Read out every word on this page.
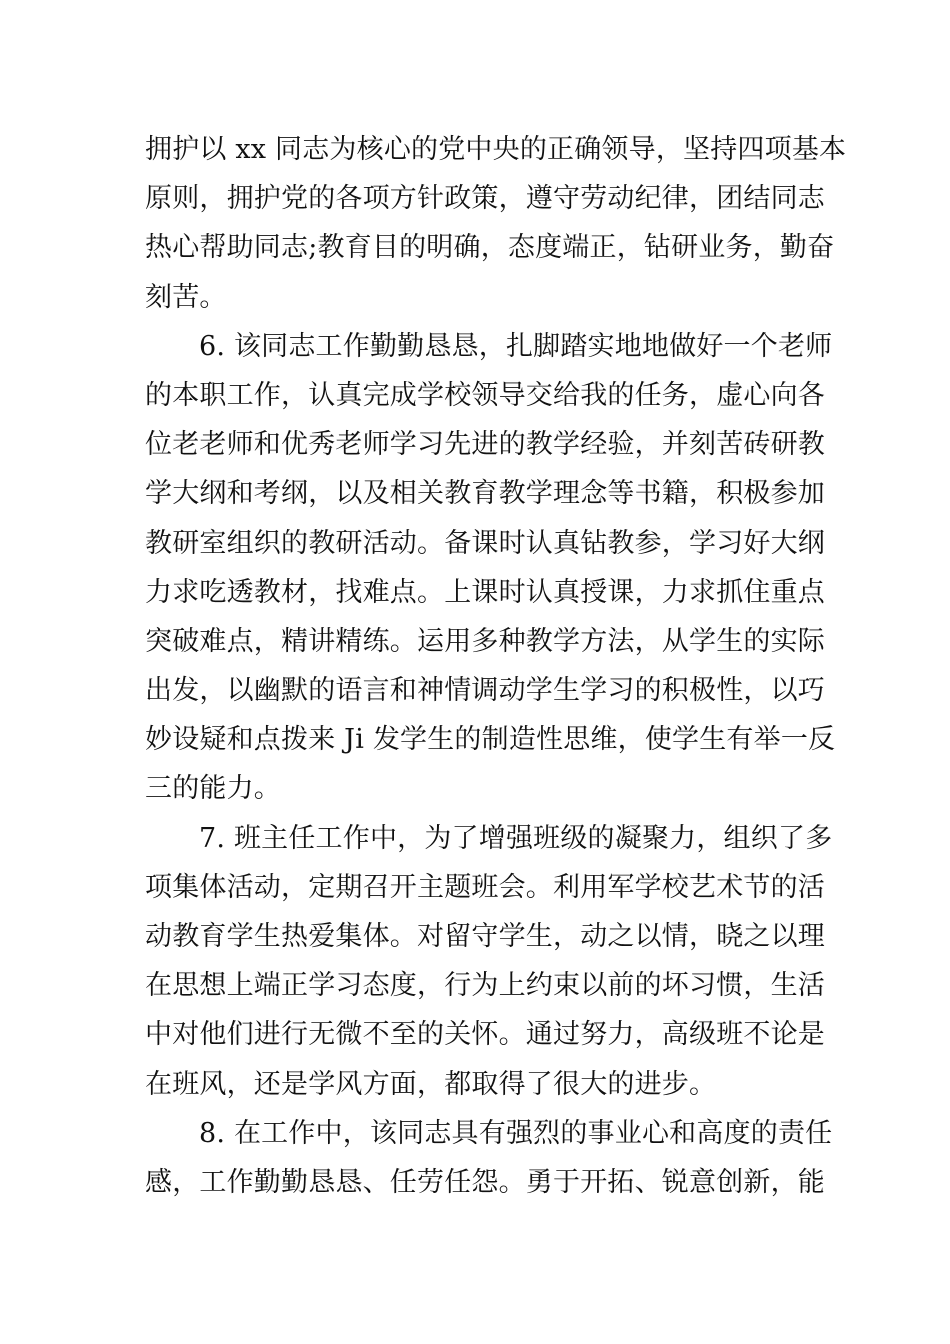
拥护以 xx 同志为核心的党中央的正确领导，坚持四项基本
原则，拥护党的各项方针政策，遵守劳动纪律，团结同志
热心帮助同志;教育目的明确，态度端正，钻研业务，勤奋
刻苦。
6. 该同志工作勤勤恳恳，扎脚踏实地地做好一个老师
的本职工作，认真完成学校领导交给我的任务，虚心向各
位老老师和优秀老师学习先进的教学经验，并刻苦砖研教
学大纲和考纲，以及相关教育教学理念等书籍，积极参加
教研室组织的教研活动。备课时认真钻教参，学习好大纲
力求吃透教材，找难点。上课时认真授课，力求抓住重点
突破难点，精讲精练。运用多种教学方法，从学生的实际
出发，以幽默的语言和神情调动学生学习的积极性，以巧
妙设疑和点拨来 Ji 发学生的制造性思维，使学生有举一反
三的能力。
7. 班主任工作中，为了增强班级的凝聚力，组织了多
项集体活动，定期召开主题班会。利用军学校艺术节的活
动教育学生热爱集体。对留守学生，动之以情，晓之以理
在思想上端正学习态度，行为上约束以前的坏习惯，生活
中对他们进行无微不至的关怀。通过努力，高级班不论是
在班风，还是学风方面，都取得了很大的进步。
8. 在工作中，该同志具有强烈的事业心和高度的责任
感，工作勤勤恳恳、任劳任怨。勇于开拓、锐意创新，能
